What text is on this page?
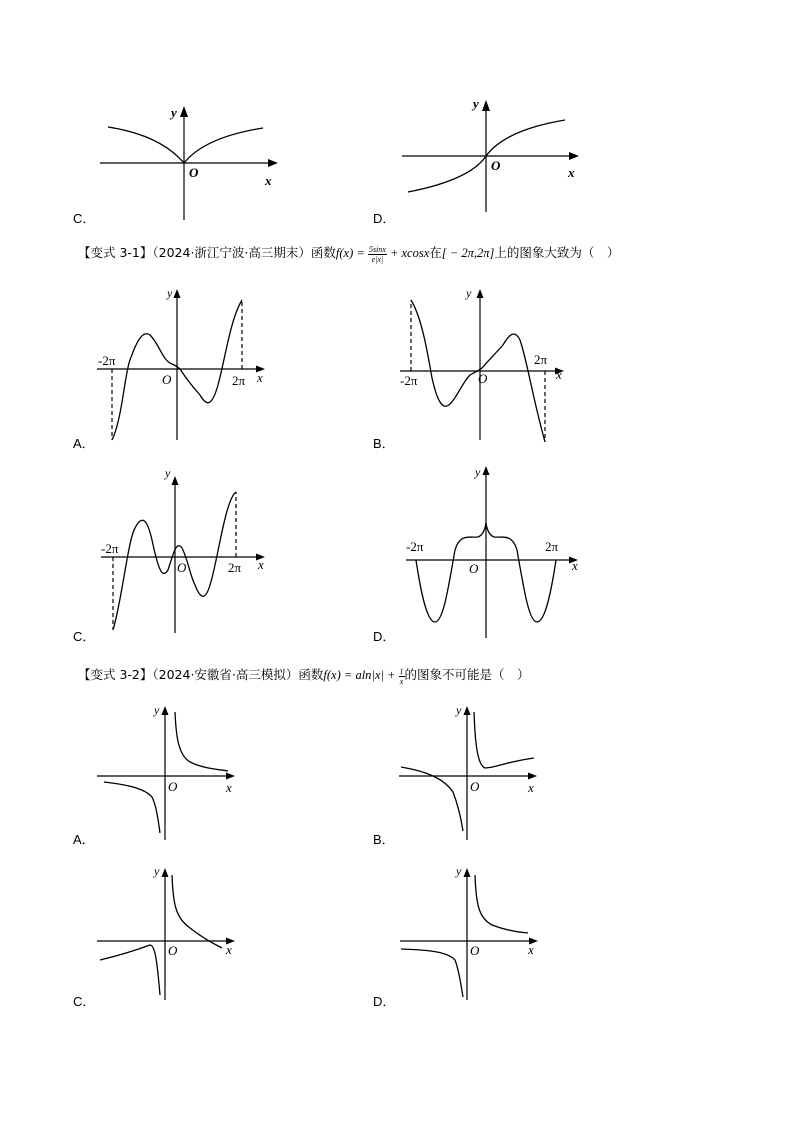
y
O
x
C．
y
O	x
D．
【变式 3-1】（2024·浙江宁波·高三期末）函数$f(x) = \frac{5\sin x}{e|x|} + xcosx$在[ − 2π,2π]上的图象大致为（　）
-2π
2π
O	x
y
A．
2π
-2π	O	x
y
B．
-2π
2π
O	x
y
C．
-2π	2π
O	x
y
D．
【变式 3-2】（2024·安徽省·高三模拟）函数$f(x) = aln|x| + \frac{1}{x}$ 的图象不可能是（　）
O	x
y
A．
O	x
y
B．
O	x
y
C．
O	x
y
D．
